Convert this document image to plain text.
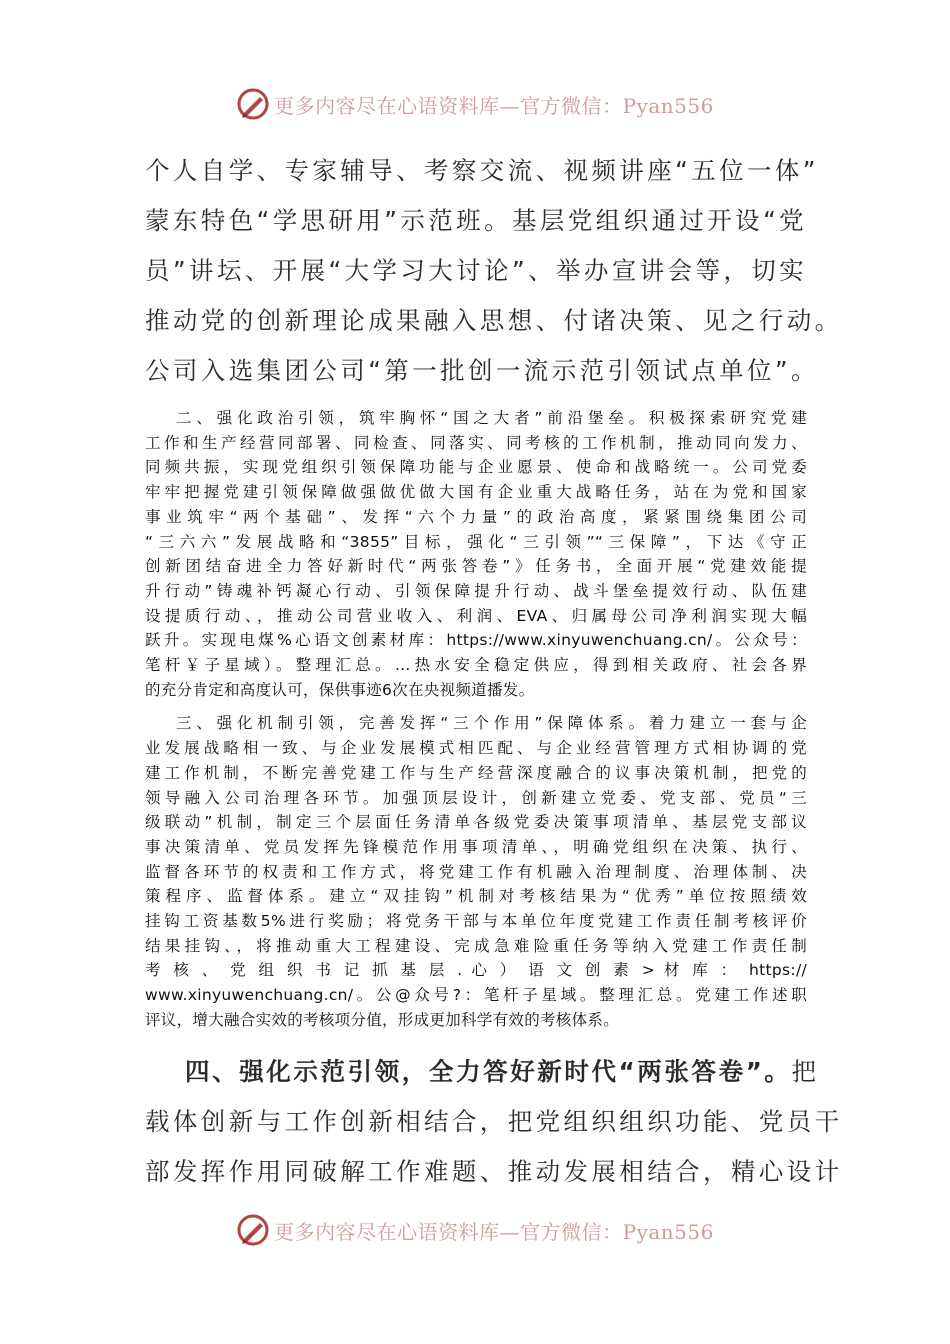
更多内容尽在心语资料库—官方微信：Pyan556

个人自学、专家辅导、考察交流、视频讲座“五位一体”

蒙东特色“学思研用”示范班。基层党组织通过开设“党

员”讲坛、开展“大学习大讨论”、举办宣讲会等，切实

推动党的创新理论成果融入思想、付诸决策、见之行动。

公司入选集团公司“第一批创一流示范引领试点单位”。

二、强化政治引领，筑牢胸怀“国之大者”前沿堡垒。积极探索研究党建
工作和生产经营同部署、同检查、同落实、同考核的工作机制，推动同向发力、
同频共振，实现党组织引领保障功能与企业愿景、使命和战略统一。公司党委
牢牢把握党建引领保障做强做优做大国有企业重大战略任务，站在为党和国家
事业筑牢“两个基础”、发挥“六个力量”的政治高度，紧紧围绕集团公司
“三六六”发展战略和“3855”目标，强化“三引领”“三保障”，下达《守正
创新团结奋进全力答好新时代“两张答卷”》任务书，全面开展“党建效能提
升行动”铸魂补钙凝心行动、引领保障提升行动、战斗堡垒提效行动、队伍建
设提质行动、，推动公司营业收入、利润、EVA、归属母公司净利润实现大幅
跃升。实现电煤%心语文创素材库：https://www.xinyuwenchuang.cn/。公众号：
笔杆￥子星域）。整理汇总。…热水安全稳定供应，得到相关政府、社会各界
的充分肯定和高度认可，保供事迹6次在央视频道播发。
三、强化机制引领，完善发挥“三个作用”保障体系。着力建立一套与企
业发展战略相一致、与企业发展模式相匹配、与企业经营管理方式相协调的党
建工作机制，不断完善党建工作与生产经营深度融合的议事决策机制，把党的
领导融入公司治理各环节。加强顶层设计，创新建立党委、党支部、党员“三
级联动”机制，制定三个层面任务清单各级党委决策事项清单、基层党支部议
事决策清单、党员发挥先锋模范作用事项清单、，明确党组织在决策、执行、
监督各环节的权责和工作方式，将党建工作有机融入治理制度、治理体制、决
策程序、监督体系。建立“双挂钩”机制对考核结果为“优秀”单位按照绩效
挂钩工资基数5%进行奖励；将党务干部与本单位年度党建工作责任制考核评价
结果挂钩、，将推动重大工程建设、完成急难险重任务等纳入党建工作责任制
考 核 、 党 组 织 书 记 抓 基 层 . 心 ） 语 文 创 素 > 材 库 ： https://
www.xinyuwenchuang.cn/。公@众号?：笔杆子星域。整理汇总。党建工作述职
评议，增大融合实效的考核项分值，形成更加科学有效的考核体系。

四、强化示范引领，全力答好新时代“两张答卷”。把

载体创新与工作创新相结合，把党组织组织功能、党员干

部发挥作用同破解工作难题、推动发展相结合，精心设计

更多内容尽在心语资料库—官方微信：Pyan556
